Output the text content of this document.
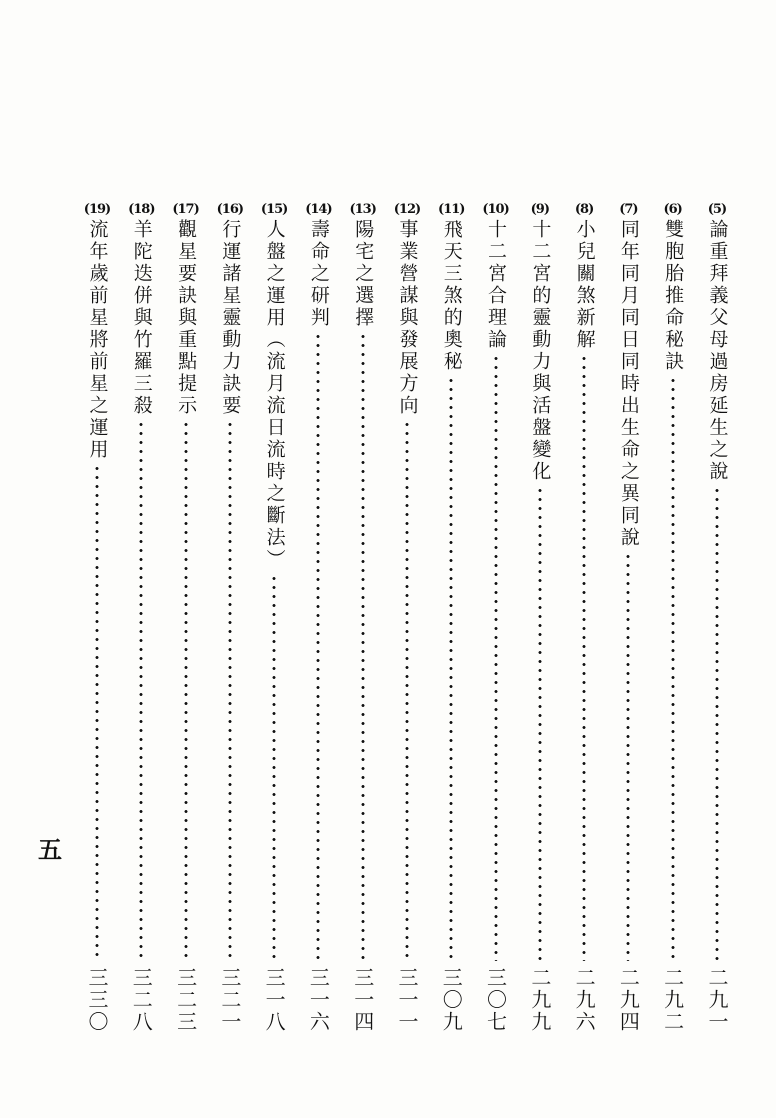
(5)
論重拜義父母過房延生之說
二九一
(6)
雙胞胎推命秘訣
二九二
(7)
同年同月同日同時出生命之異同說
二九四
(8)
小兒關煞新解
二九六
(9)
十二宮的靈動力與活盤變化
二九九
(10)
十二宮合理論
三〇七
(11)
飛天三煞的奧秘
三〇九
(12)
事業營謀與發展方向
三一一
(13)
陽宅之選擇
三一四
(14)
壽命之研判
三一六
(15)
人盤之運用︵流月流日流時之斷法︶
三一八
(16)
行運諸星靈動力訣要
三二一
(17)
觀星要訣與重點提示
三二三
(18)
羊陀迭併與竹羅三殺
三二八
(19)
流年歲前星將前星之運用
三三〇
五
